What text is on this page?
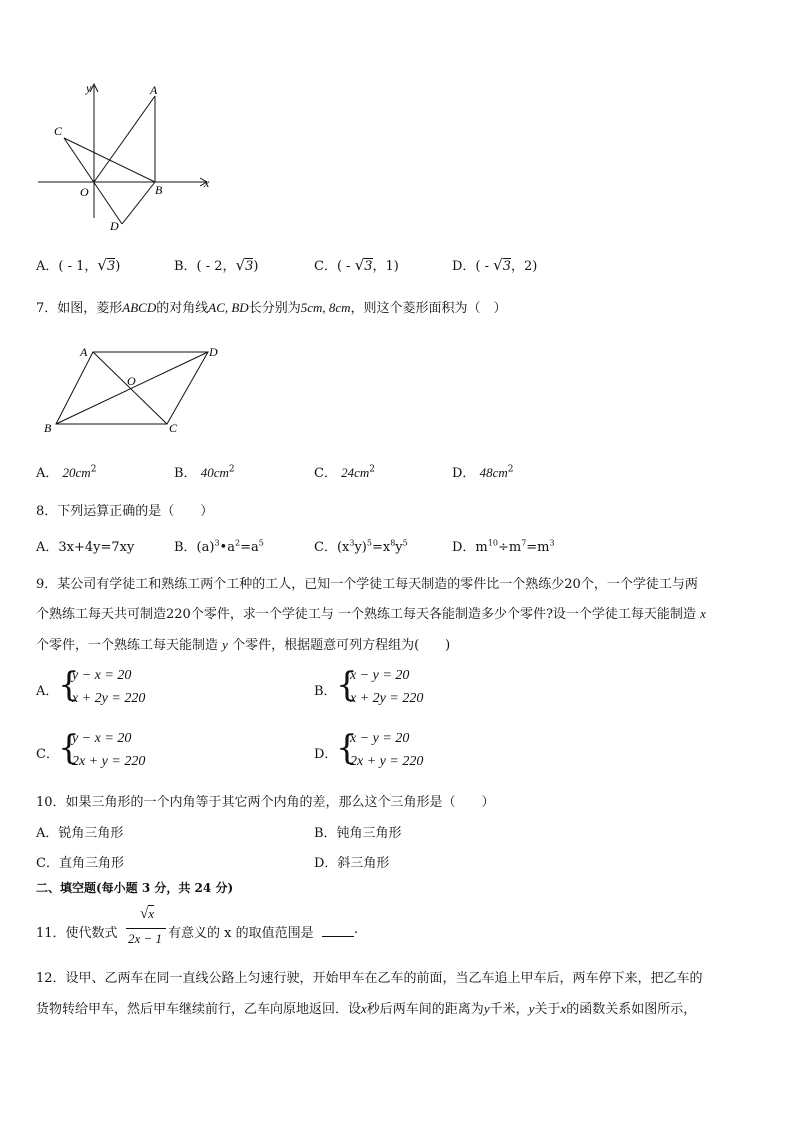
y
x
A
B
C
D
O
A．( - 1，√3)	B．( - 2，√3)	C．( - √3，1)	D．( - √3，2)
7．如图，菱形ABCD的对角线AC, BD长分别为5cm, 8cm，则这个菱形面积为（　）
A	D
B	C
O
A． $20cm^2$	B． $40cm^2$	C． $24cm^2$	D． $48cm^2$
8．下列运算正确的是（　　）
A．3x+4y=7xy	B．$(a)^3•a^2=a^5$	C．$(x^3y)^5=x^8y^5$	D．$m^{10}\div m^7=m^3$
9．某公司有学徒工和熟练工两个工种的工人，已知一个学徒工每天制造的零件比一个熟练少20个，一个学徒工与两
个熟练工每天共可制造220个零件，求一个学徒工与 一个熟练工每天各能制造多少个零件?设一个学徒工每天能制造 x
个零件，一个熟练工每天能制造 y 个零件，根据题意可列方程组为(　　)
A． {
y − x = 20
x + 2y = 220	B． {
x − y = 20
x + 2y = 220
C． {
y − x = 20
2x + y = 220	D．
{
x − y = 20
2x + y = 220
10．如果三角形的一个内角等于其它两个内角的差，那么这个三角形是（　　）
A．锐角三角形	B．钝角三角形
C．直角三角形	D．斜三角形
二、填空题(每小题 3 分，共 24 分)
11．使代数式
√x
2x − 1 有意义的 x 的取值范围是	.
12．设甲、乙两车在同一直线公路上匀速行驶，开始甲车在乙车的前面，当乙车追上甲车后，两车停下来，把乙车的
货物转给甲车，然后甲车继续前行，乙车向原地返回．设x秒后两车间的距离为y千米，y关于x的函数关系如图所示，
